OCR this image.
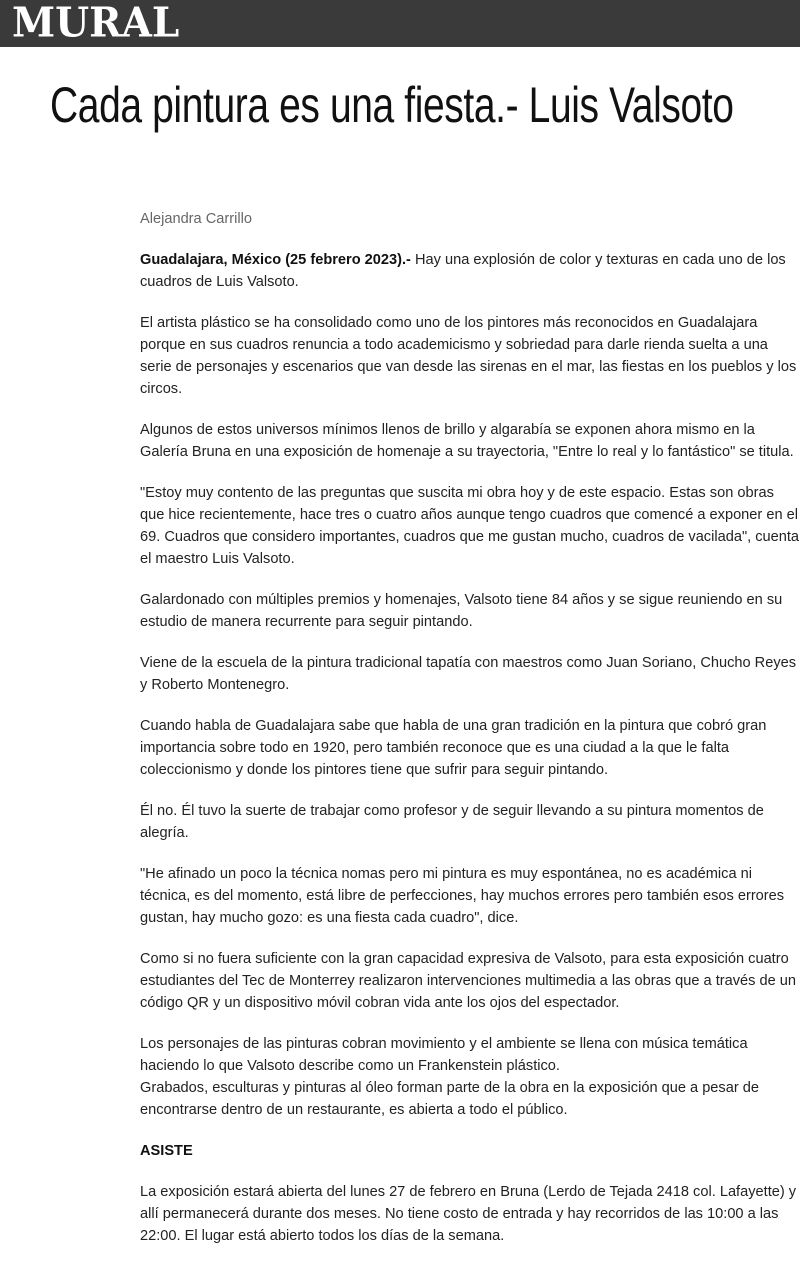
MURAL
Cada pintura es una fiesta.- Luis Valsoto

Alejandra Carrillo

Guadalajara, México (25 febrero 2023).- Hay una explosión de color y texturas en cada uno de los cuadros de Luis Valsoto.

El artista plástico se ha consolidado como uno de los pintores más reconocidos en Guadalajara porque en sus cuadros renuncia a todo academicismo y sobriedad para darle rienda suelta a una serie de personajes y escenarios que van desde las sirenas en el mar, las fiestas en los pueblos y los circos.

Algunos de estos universos mínimos llenos de brillo y algarabía se exponen ahora mismo en la Galería Bruna en una exposición de homenaje a su trayectoria, "Entre lo real y lo fantástico" se titula.

"Estoy muy contento de las preguntas que suscita mi obra hoy y de este espacio. Estas son obras que hice recientemente, hace tres o cuatro años aunque tengo cuadros que comencé a exponer en el 69. Cuadros que considero importantes, cuadros que me gustan mucho, cuadros de vacilada", cuenta el maestro Luis Valsoto.

Galardonado con múltiples premios y homenajes, Valsoto tiene 84 años y se sigue reuniendo en su estudio de manera recurrente para seguir pintando.

Viene de la escuela de la pintura tradicional tapatía con maestros como Juan Soriano, Chucho Reyes y Roberto Montenegro.

Cuando habla de Guadalajara sabe que habla de una gran tradición en la pintura que cobró gran importancia sobre todo en 1920, pero también reconoce que es una ciudad a la que le falta coleccionismo y donde los pintores tiene que sufrir para seguir pintando.

Él no. Él tuvo la suerte de trabajar como profesor y de seguir llevando a su pintura momentos de alegría.

"He afinado un poco la técnica nomas pero mi pintura es muy espontánea, no es académica ni técnica, es del momento, está libre de perfecciones, hay muchos errores pero también esos errores gustan, hay mucho gozo: es una fiesta cada cuadro", dice.

Como si no fuera suficiente con la gran capacidad expresiva de Valsoto, para esta exposición cuatro estudiantes del Tec de Monterrey realizaron intervenciones multimedia a las obras que a través de un código QR y un dispositivo móvil cobran vida ante los ojos del espectador.

Los personajes de las pinturas cobran movimiento y el ambiente se llena con música temática haciendo lo que Valsoto describe como un Frankenstein plástico.

Grabados, esculturas y pinturas al óleo forman parte de la obra en la exposición que a pesar de encontrarse dentro de un restaurante, es abierta a todo el público.

ASISTE

La exposición estará abierta del lunes 27 de febrero en Bruna (Lerdo de Tejada 2418 col. Lafayette) y allí permanecerá durante dos meses. No tiene costo de entrada y hay recorridos de las 10:00 a las 22:00. El lugar está abierto todos los días de la semana.
